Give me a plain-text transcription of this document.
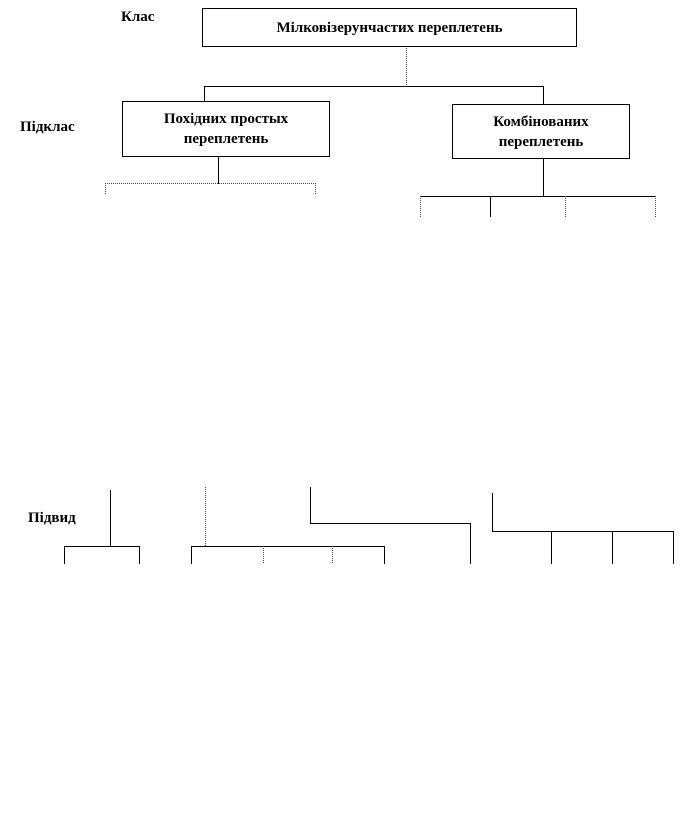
Клас
Підклас
Підвид
Мілковізерунчастих переплетень
Похідних простых переплетень
Комбінованих переплетень
